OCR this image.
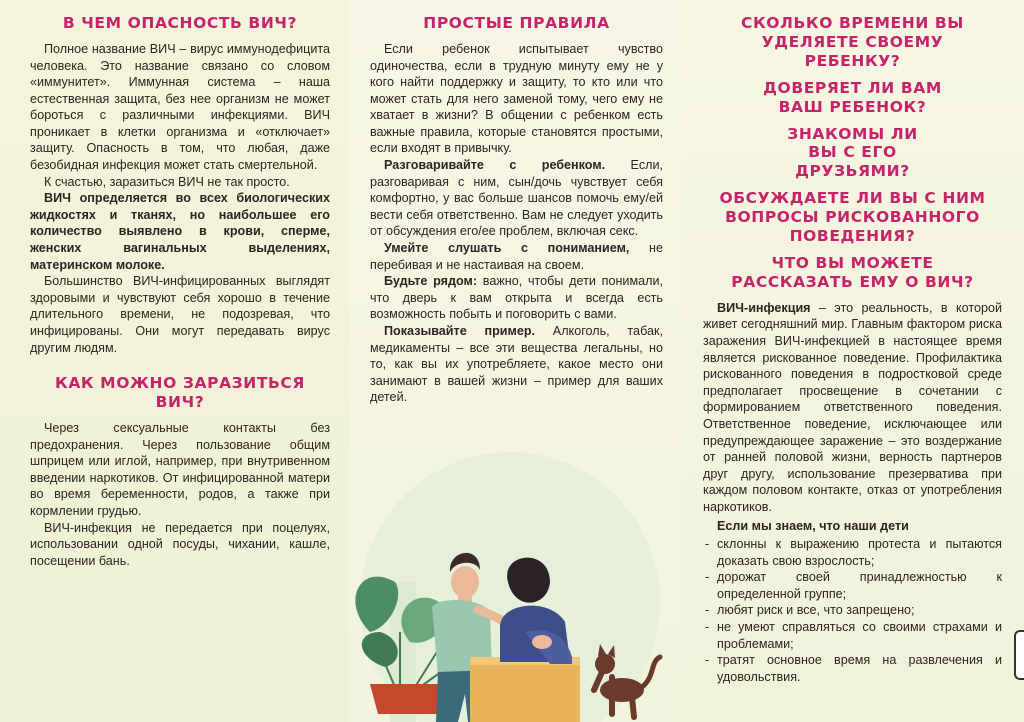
В ЧЕМ ОПАСНОСТЬ ВИЧ?

Полное название ВИЧ – вирус иммунодефицита человека. Это название связано со словом «иммунитет». Иммунная система – наша естественная защита, без нее организм не может бороться с различными инфекциями. ВИЧ проникает в клетки организма и «отключает» защиту. Опасность в том, что любая, даже безобидная инфекция может стать смертельной.

К счастью, заразиться ВИЧ не так просто.

ВИЧ определяется во всех биологических жидкостях и тканях, но наибольшее его количество выявлено в крови, сперме, женских вагинальных выделениях, материнском молоке.

Большинство ВИЧ-инфицированных выглядят здоровыми и чувствуют себя хорошо в течение длительного времени, не подозревая, что инфицированы. Они могут передавать вирус другим людям.

КАК МОЖНО ЗАРАЗИТЬСЯ ВИЧ?

Через сексуальные контакты без предохранения. Через пользование общим шприцем или иглой, например, при внутривенном введении наркотиков. От инфицированной матери во время беременности, родов, а также при кормлении грудью.

ВИЧ-инфекция не передается при поцелуях, использовании одной посуды, чихании, кашле, посещении бань.

ПРОСТЫЕ ПРАВИЛА

Если ребенок испытывает чувство одиночества, если в трудную минуту ему не у кого найти поддержку и защиту, то кто или что может стать для него заменой тому, чего ему не хватает в жизни? В общении с ребенком есть важные правила, которые становятся простыми, если входят в привычку.

Разговаривайте с ребенком. Если, разговаривая с ним, сын/дочь чувствует себя комфортно, у вас больше шансов помочь ему/ей вести себя ответственно. Вам не следует уходить от обсуждения его/ее проблем, включая секс.

Умейте слушать с пониманием, не перебивая и не настаивая на своем.

Будьте рядом: важно, чтобы дети понимали, что дверь к вам открыта и всегда есть возможность побыть и поговорить с вами.

Показывайте пример. Алкоголь, табак, медикаменты – все эти вещества легальны, но то, как вы их употребляете, какое место они занимают в вашей жизни – пример для ваших детей.

СКОЛЬКО ВРЕМЕНИ ВЫ УДЕЛЯЕТЕ СВОЕМУ РЕБЕНКУ?
ДОВЕРЯЕТ ЛИ ВАМ ВАШ РЕБЕНОК?
ЗНАКОМЫ ЛИ ВЫ С ЕГО ДРУЗЬЯМИ?
ОБСУЖДАЕТЕ ЛИ ВЫ С НИМ ВОПРОСЫ РИСКОВАННОГО ПОВЕДЕНИЯ?
ЧТО ВЫ МОЖЕТЕ РАССКАЗАТЬ ЕМУ О ВИЧ?

ВИЧ-инфекция – это реальность, в которой живет сегодняшний мир. Главным фактором риска заражения ВИЧ-инфекцией в настоящее время является рискованное поведение. Профилактика рискованного поведения в подростковой среде предполагает просвещение в сочетании с формированием ответственного поведения. Ответственное поведение, исключающее или предупреждающее заражение – это воздержание от ранней половой жизни, верность партнеров друг другу, использование презерватива при каждом половом контакте, отказ от употребления наркотиков.

Если мы знаем, что наши дети

- склонны к выражению протеста и пытаются доказать свою взрослость;
- дорожат своей принадлежностью к определенной группе;
- любят риск и все, что запрещено;
- не умеют справляться со своими страхами и проблемами;
- тратят основное время на развлечения и удовольствия.
